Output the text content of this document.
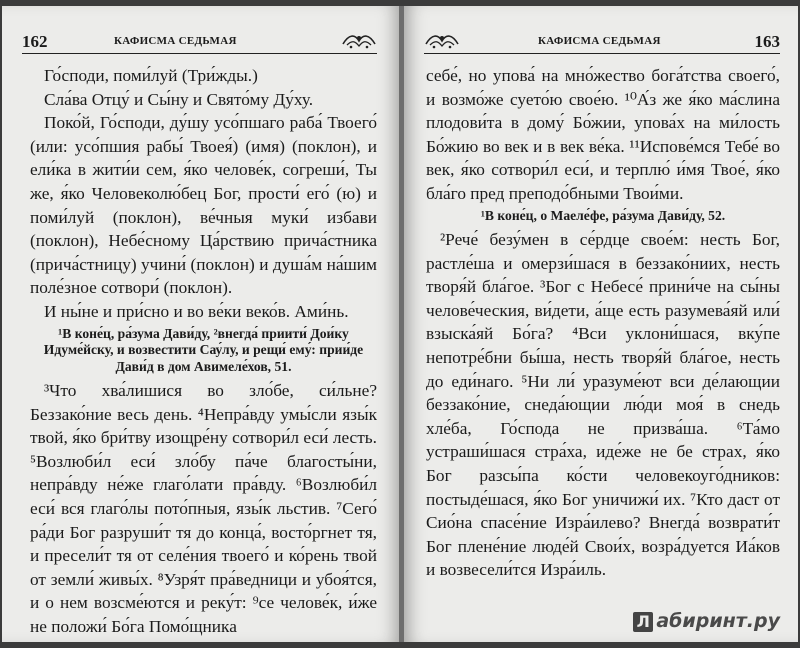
162	КАФИСМА СЕДЬМАЯ

Го́споди, поми́луй (Три́жды.)

Сла́ва Отцу́ и Сы́ну и Свято́му Ду́ху.

Поко́й, Го́споди, ду́шу усо́пшаго раба́ Твоего́ (или: усо́пшия рабы́ Твоея́) (имя) (поклон), и ели́ка в жити́и сем, я́ко челове́к, согреши́, Ты же, я́ко Человеколю́бец Бог, прости́ его́ (ю) и поми́луй (поклон), ве́чныя муки́ избави (поклон), Небе́сному Ца́рствию прича́стника (прича́стницу) учини́ (поклон) и душа́м на́шим поле́зное сотвори́ (поклон).

И ны́не и при́сно и во ве́ки веко́в. Ами́нь.

¹В коне́ц, ра́зума Дави́ду, ²внегда́ приити́ Дои́ку Идуме́йску, и возвестити Сау́лу, и рещи́ ему́: прии́де Дави́д в дом Авимеле́хов, 51.

³Что хва́лишися во зло́бе, си́льне? Беззако́ние весь день. ⁴Непра́вду умы́сли язы́к твой, я́ко бри́тву изощре́ну сотвори́л еси́ лесть. ⁵Возлюби́л еси́ зло́бу па́че благосты́ни, непра́вду не́же глаго́лати пра́вду. ⁶Возлюби́л еси́ вся глаго́лы пото́пныя, язы́к льстив. ⁷Сего́ ра́ди Бог разруши́т тя до конца́, восто́ргнет тя, и пресели́т тя от селе́ния твоего́ и ко́рень твой от земли́ живы́х. ⁸Узря́т пра́ведници и убоя́тся, и о нем возсме́ются и реку́т: ⁹се челове́к, и́же не положи́ Бо́га Помо́щника

КАФИСМА СЕДЬМАЯ	163

себе́, но упова́ на мно́жество бога́тства своего́, и возмо́же суето́ю свое́ю. ¹⁰А́з же я́ко ма́слина плодови́та в дому́ Бо́жии, упова́х на ми́лость Бо́жию во век и в век ве́ка. ¹¹Испове́мся Тебе́ во век, я́ко сотвори́л еси́, и терплю́ и́мя Твое́, я́ко бла́го пред преподо́бными Твои́ми.

¹В коне́ц, о Маеле́фе, ра́зума Дави́ду, 52.

²Рече́ безу́мен в се́рдце свое́м: несть Бог, растле́ша и омерзи́шася в беззако́ниих, несть творя́й бла́гое. ³Бог с Небесе́ прини́че на сы́ны челове́ческия, ви́дети, а́ще есть разумева́яй или́ взыска́яй Бо́га? ⁴Вси уклони́шася, вку́пе непотре́бни бы́ша, несть творя́й бла́гое, несть до еди́наго. ⁵Ни ли́ уразуме́ют вси де́лающии беззако́ние, снеда́ющии лю́ди моя́ в снедь хле́ба, Го́спода не призва́ша. ⁶Та́мо устраши́шася стра́ха, иде́же не бе страх, я́ко Бог разсы́па ко́сти человекоуго́дников: постыде́шася, я́ко Бог уничижи́ их. ⁷Кто даст от Сио́на спасе́ние Изра́илево? Внегда́ возврати́т Бог плене́ние люде́й Свои́х, возра́дуется Иа́ков и возвесели́тся Изра́иль.

Л абиринт.ру
